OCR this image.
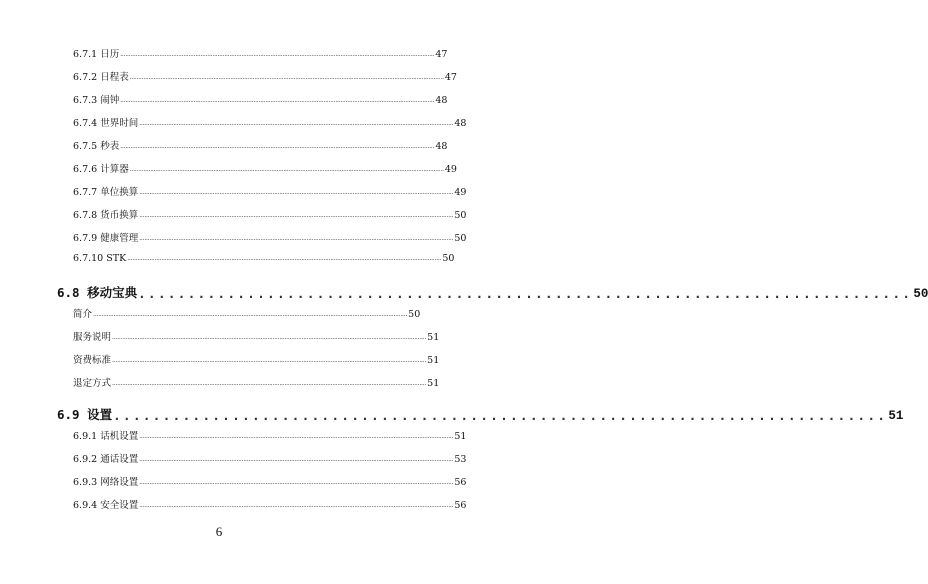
6.7.1 日历 ........................................................................................................................................................................................ 47
6.7.2 日程表 ........................................................................................................................................................................................ 47
6.7.3 闹钟 ........................................................................................................................................................................................ 48
6.7.4 世界时间 ........................................................................................................................................................................................ 48
6.7.5 秒表 ........................................................................................................................................................................................ 48
6.7.6 计算器 ........................................................................................................................................................................................ 49
6.7.7 单位换算 ........................................................................................................................................................................................ 49
6.7.8 货币换算 ........................................................................................................................................................................................ 50
6.7.9 健康管理 ........................................................................................................................................................................................ 50
6.7.10 STK ........................................................................................................................................................................................ 50
6.8 移动宝典 .............................................................................. 50
简介 ........................................................................................................................................................................................ 50
服务说明 ........................................................................................................................................................................................ 51
资费标准 ........................................................................................................................................................................................ 51
退定方式 ........................................................................................................................................................................................ 51
6.9 设置 .............................................................................. 51
6.9.1 话机设置 ........................................................................................................................................................................................ 51
6.9.2 通话设置 ........................................................................................................................................................................................ 53
6.9.3 网络设置 ........................................................................................................................................................................................ 56
6.9.4 安全设置 ........................................................................................................................................................................................ 56
6
